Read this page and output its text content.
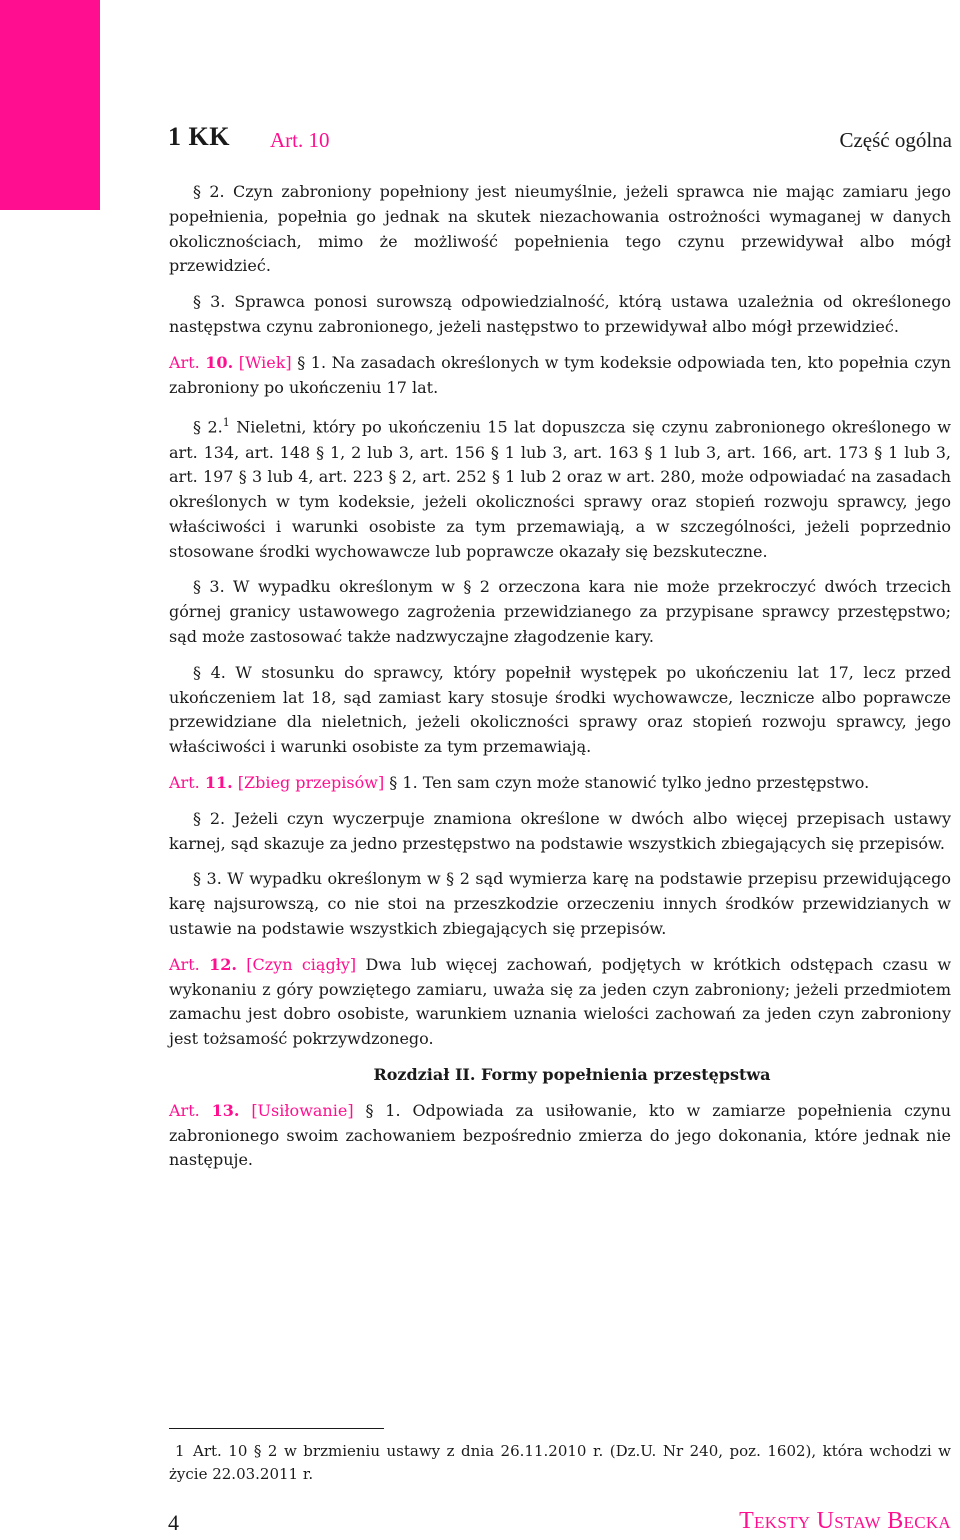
1 KK Art. 10	Część ogólna

§ 2. Czyn zabroniony popełniony jest nieumyślnie, jeżeli sprawca nie mając zamiaru jego popełnienia, popełnia go jednak na skutek niezachowania ostrożności wymaganej w danych okolicznościach, mimo że możliwość popełnienia tego czynu przewidywał albo mógł przewidzieć.

§ 3. Sprawca ponosi surowszą odpowiedzialność, którą ustawa uzależnia od określonego następstwa czynu zabronionego, jeżeli następstwo to przewidywał albo mógł przewidzieć.

Art. 10. [Wiek] § 1. Na zasadach określonych w tym kodeksie odpowiada ten, kto popełnia czyn zabroniony po ukończeniu 17 lat.

§ 2.$^1$ Nieletni, który po ukończeniu 15 lat dopuszcza się czynu zabronionego określonego w art. 134, art. 148 § 1, 2 lub 3, art. 156 § 1 lub 3, art. 163 § 1 lub 3, art. 166, art. 173 § 1 lub 3, art. 197 § 3 lub 4, art. 223 § 2, art. 252 § 1 lub 2 oraz w art. 280, może odpowiadać na zasadach określonych w tym kodeksie, jeżeli okoliczności sprawy oraz stopień rozwoju sprawcy, jego właściwości i warunki osobiste za tym przemawiają, a w szczególności, jeżeli poprzednio stosowane środki wychowawcze lub poprawcze okazały się bezskuteczne.

§ 3. W wypadku określonym w § 2 orzeczona kara nie może przekroczyć dwóch trzecich górnej granicy ustawowego zagrożenia przewidzianego za przypisane sprawcy przestępstwo; sąd może zastosować także nadzwyczajne złagodzenie kary.

§ 4. W stosunku do sprawcy, który popełnił występek po ukończeniu lat 17, lecz przed ukończeniem lat 18, sąd zamiast kary stosuje środki wychowawcze, lecznicze albo poprawcze przewidziane dla nieletnich, jeżeli okoliczności sprawy oraz stopień rozwoju sprawcy, jego właściwości i warunki osobiste za tym przemawiają.

Art. 11. [Zbieg przepisów] § 1. Ten sam czyn może stanowić tylko jedno przestępstwo.

§ 2. Jeżeli czyn wyczerpuje znamiona określone w dwóch albo więcej przepisach ustawy karnej, sąd skazuje za jedno przestępstwo na podstawie wszystkich zbiegających się przepisów.

§ 3. W wypadku określonym w § 2 sąd wymierza karę na podstawie przepisu przewidującego karę najsurowszą, co nie stoi na przeszkodzie orzeczeniu innych środków przewidzianych w ustawie na podstawie wszystkich zbiegających się przepisów.

Art. 12. [Czyn ciągły] Dwa lub więcej zachowań, podjętych w krótkich odstępach czasu w wykonaniu z góry powziętego zamiaru, uważa się za jeden czyn zabroniony; jeżeli przedmiotem zamachu jest dobro osobiste, warunkiem uznania wielości zachowań za jeden czyn zabroniony jest tożsamość pokrzywdzonego.

Rozdział II. Formy popełnienia przestępstwa

Art. 13. [Usiłowanie] § 1. Odpowiada za usiłowanie, kto w zamiarze popełnienia czynu zabronionego swoim zachowaniem bezpośrednio zmierza do jego dokonania, które jednak nie następuje.

1 Art. 10 § 2 w brzmieniu ustawy z dnia 26.11.2010 r. (Dz.U. Nr 240, poz. 1602), która wchodzi w życie 22.03.2011 r.
4	Teksty Ustaw Becka
